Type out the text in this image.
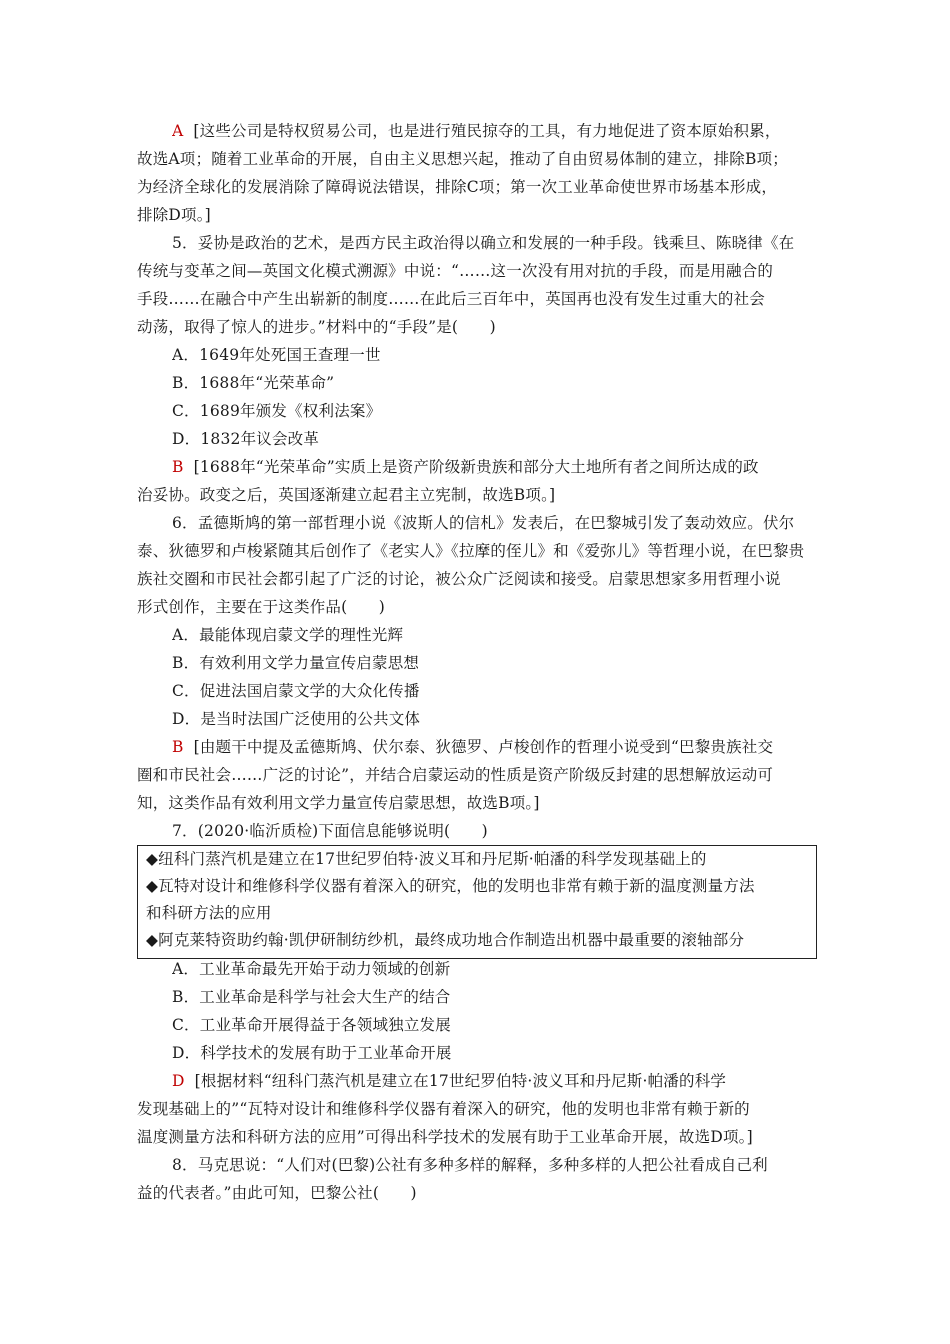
A [这些公司是特权贸易公司，也是进行殖民掠夺的工具，有力地促进了资本原始积累，
故选A项；随着工业革命的开展，自由主义思想兴起，推动了自由贸易体制的建立，排除B项；
为经济全球化的发展消除了障碍说法错误，排除C项；第一次工业革命使世界市场基本形成，
排除D项。]
5．妥协是政治的艺术，是西方民主政治得以确立和发展的一种手段。钱乘旦、陈晓律《在
传统与变革之间—英国文化模式溯源》中说：“……这一次没有用对抗的手段，而是用融合的
手段……在融合中产生出崭新的制度……在此后三百年中，英国再也没有发生过重大的社会
动荡，取得了惊人的进步。”材料中的“手段”是(　　)
A．1649年处死国王查理一世
B．1688年“光荣革命”
C．1689年颁发《权利法案》
D．1832年议会改革
B [1688年“光荣革命”实质上是资产阶级新贵族和部分大土地所有者之间所达成的政
治妥协。政变之后，英国逐渐建立起君主立宪制，故选B项。]
6．孟德斯鸠的第一部哲理小说《波斯人的信札》发表后，在巴黎城引发了轰动效应。伏尔
泰、狄德罗和卢梭紧随其后创作了《老实人》《拉摩的侄儿》和《爱弥儿》等哲理小说，在巴黎贵
族社交圈和市民社会都引起了广泛的讨论，被公众广泛阅读和接受。启蒙思想家多用哲理小说
形式创作，主要在于这类作品(　　)
A．最能体现启蒙文学的理性光辉
B．有效利用文学力量宣传启蒙思想
C．促进法国启蒙文学的大众化传播
D．是当时法国广泛使用的公共文体
B [由题干中提及孟德斯鸠、伏尔泰、狄德罗、卢梭创作的哲理小说受到“巴黎贵族社交
圈和市民社会……广泛的讨论”，并结合启蒙运动的性质是资产阶级反封建的思想解放运动可
知，这类作品有效利用文学力量宣传启蒙思想，故选B项。]
7．(2020·临沂质检)下面信息能够说明(　　)
◆纽科门蒸汽机是建立在17世纪罗伯特·波义耳和丹尼斯·帕潘的科学发现基础上的
◆瓦特对设计和维修科学仪器有着深入的研究，他的发明也非常有赖于新的温度测量方法
和科研方法的应用
◆阿克莱特资助约翰·凯伊研制纺纱机，最终成功地合作制造出机器中最重要的滚轴部分
A．工业革命最先开始于动力领域的创新
B．工业革命是科学与社会大生产的结合
C．工业革命开展得益于各领域独立发展
D．科学技术的发展有助于工业革命开展
D [根据材料“纽科门蒸汽机是建立在17世纪罗伯特·波义耳和丹尼斯·帕潘的科学
发现基础上的”“瓦特对设计和维修科学仪器有着深入的研究，他的发明也非常有赖于新的
温度测量方法和科研方法的应用”可得出科学技术的发展有助于工业革命开展，故选D项。]
8．马克思说：“人们对(巴黎)公社有多种多样的解释，多种多样的人把公社看成自己利
益的代表者。”由此可知，巴黎公社(　　)
